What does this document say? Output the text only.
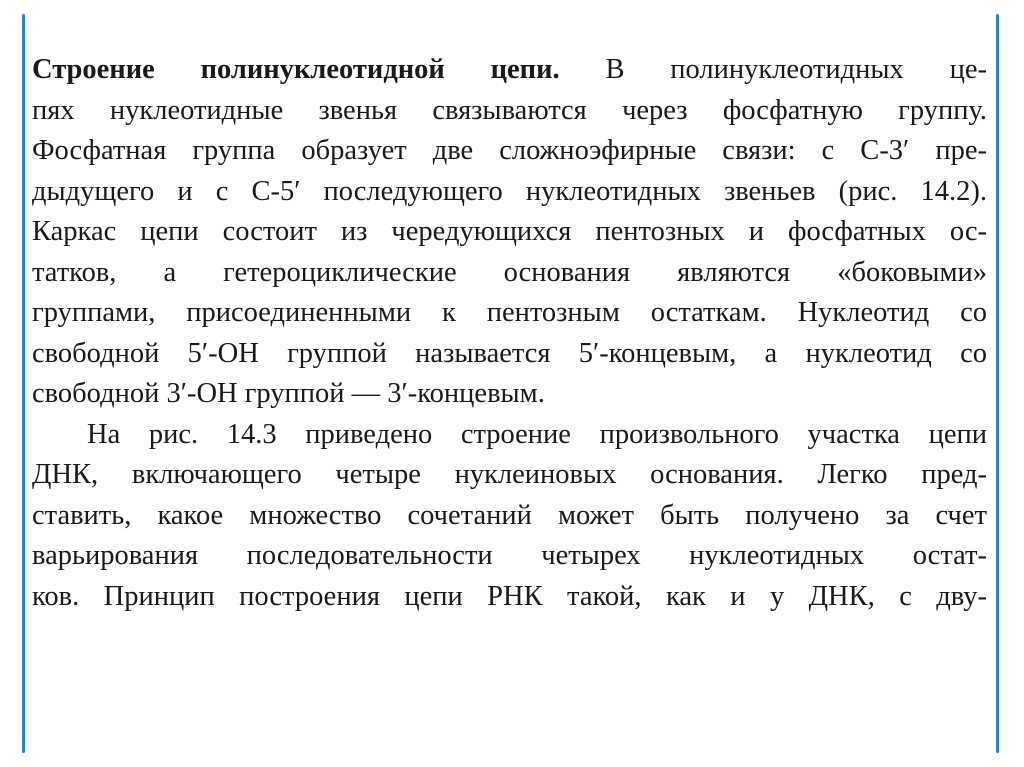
Строение полинуклеотидной цепи. В полинуклеотидных це-
пях нуклеотидные звенья связываются через фосфатную группу.
Фосфатная группа образует две сложноэфирные связи: с С-3′ пре-
дыдущего и с С-5′ последующего нуклеотидных звеньев (рис. 14.2).
Каркас цепи состоит из чередующихся пентозных и фосфатных ос-
татков, а гетероциклические основания являются «боковыми»
группами, присоединенными к пентозным остаткам. Нуклеотид со
свободной 5′-ОН группой называется 5′-концевым, а нуклеотид со
свободной 3′-ОН группой — 3′-концевым.
На рис. 14.3 приведено строение произвольного участка цепи
ДНК, включающего четыре нуклеиновых основания. Легко пред-
ставить, какое множество сочетаний может быть получено за счет
варьирования последовательности четырех нуклеотидных остат-
ков. Принцип построения цепи РНК такой, как и у ДНК, с дву-
